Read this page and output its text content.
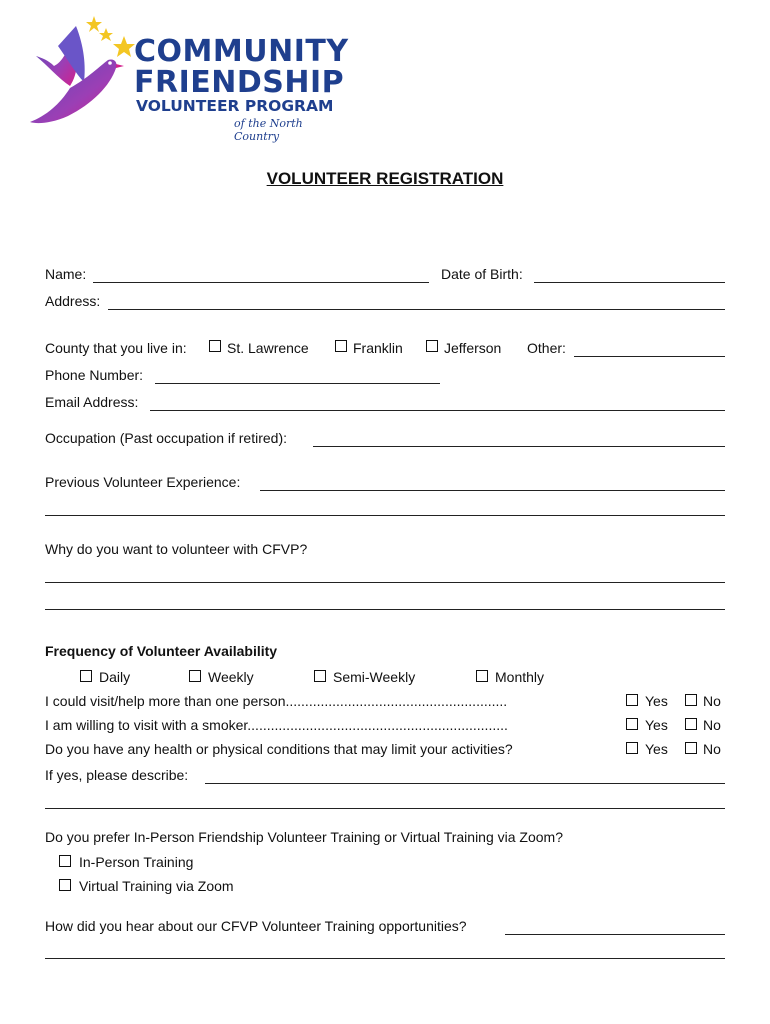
COMMUNITY
FRIENDSHIP
VOLUNTEER PROGRAM
of the North Country
VOLUNTEER REGISTRATION
Name:	Date of Birth:
Address:
County that you live in:	St. Lawrence	Franklin	Jefferson Other:
Phone Number:
Email Address:
Occupation (Past occupation if retired):
Previous Volunteer Experience:
Why do you want to volunteer with CFVP?
Frequency of Volunteer Availability
Daily	Weekly	Semi-Weekly	Monthly
I could visit/help more than one person.........................................................	Yes	No
I am willing to visit with a smoker...................................................................	Yes	No
Do you have any health or physical conditions that may limit your activities?	Yes	No
If yes, please describe:
Do you prefer In-Person Friendship Volunteer Training or Virtual Training via Zoom?
In-Person Training
Virtual Training via Zoom
How did you hear about our CFVP Volunteer Training opportunities?
